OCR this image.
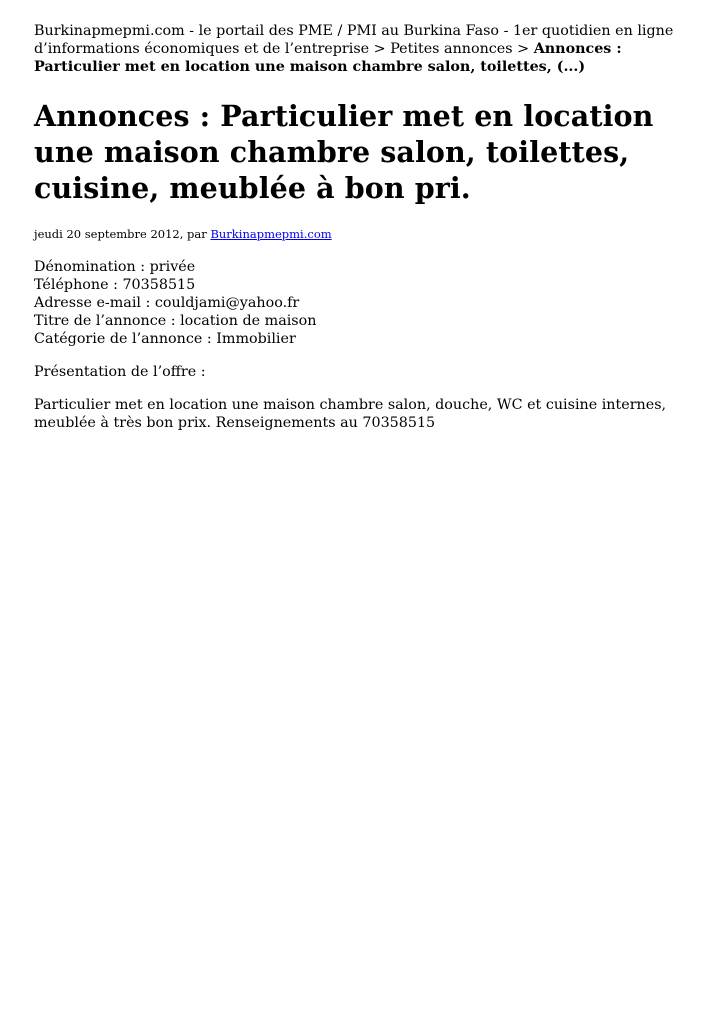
Burkinapmepmi.com - le portail des PME / PMI au Burkina Faso - 1er quotidien en ligne d’informations économiques et de l’entreprise > Petites annonces > Annonces : Particulier met en location une maison chambre salon, toilettes, (...)

Annonces : Particulier met en location une maison chambre salon, toilettes, cuisine, meublée à bon pri.

jeudi 20 septembre 2012, par Burkinapmepmi.com

Dénomination : privée
Téléphone : 70358515
Adresse e-mail : couldjami@yahoo.fr
Titre de l’annonce : location de maison
Catégorie de l’annonce : Immobilier

Présentation de l’offre :

Particulier met en location une maison chambre salon, douche, WC et cuisine internes, meublée à très bon prix. Renseignements au 70358515
